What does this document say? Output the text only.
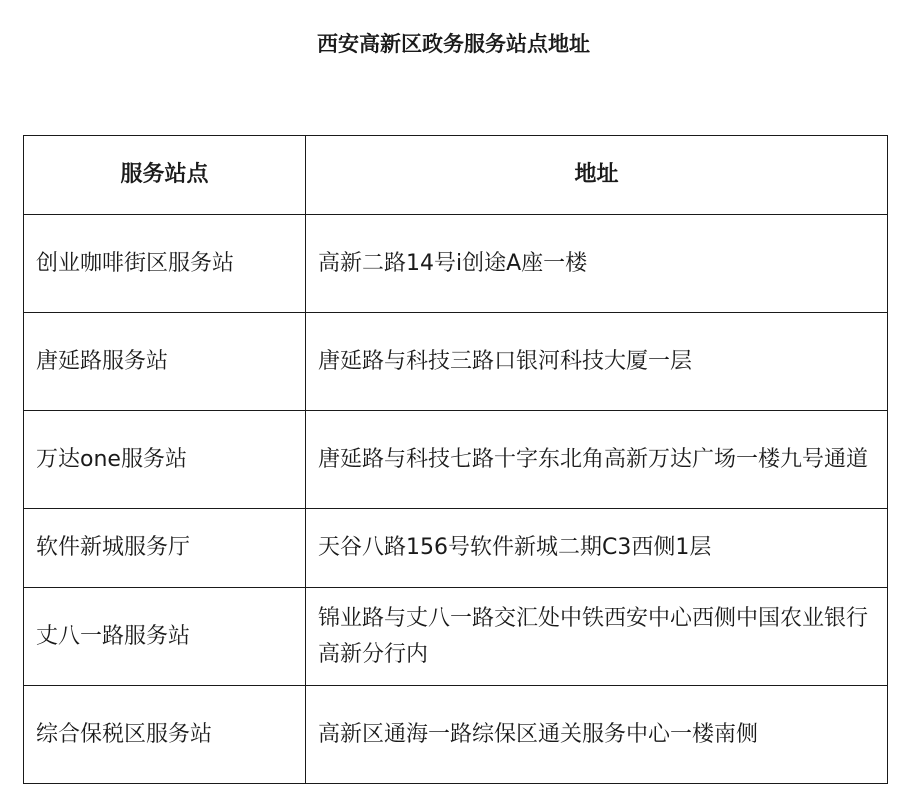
西安高新区政务服务站点地址
服务站点	地址
创业咖啡街区服务站	高新二路14号i创途A座一楼
唐延路服务站	唐延路与科技三路口银河科技大厦一层
万达one服务站	唐延路与科技七路十字东北角高新万达广场一楼九号通道
软件新城服务厅	天谷八路156号软件新城二期C3西侧1层
丈八一路服务站	锦业路与丈八一路交汇处中铁西安中心西侧中国农业银行高新分行内
综合保税区服务站	高新区通海一路综保区通关服务中心一楼南侧
